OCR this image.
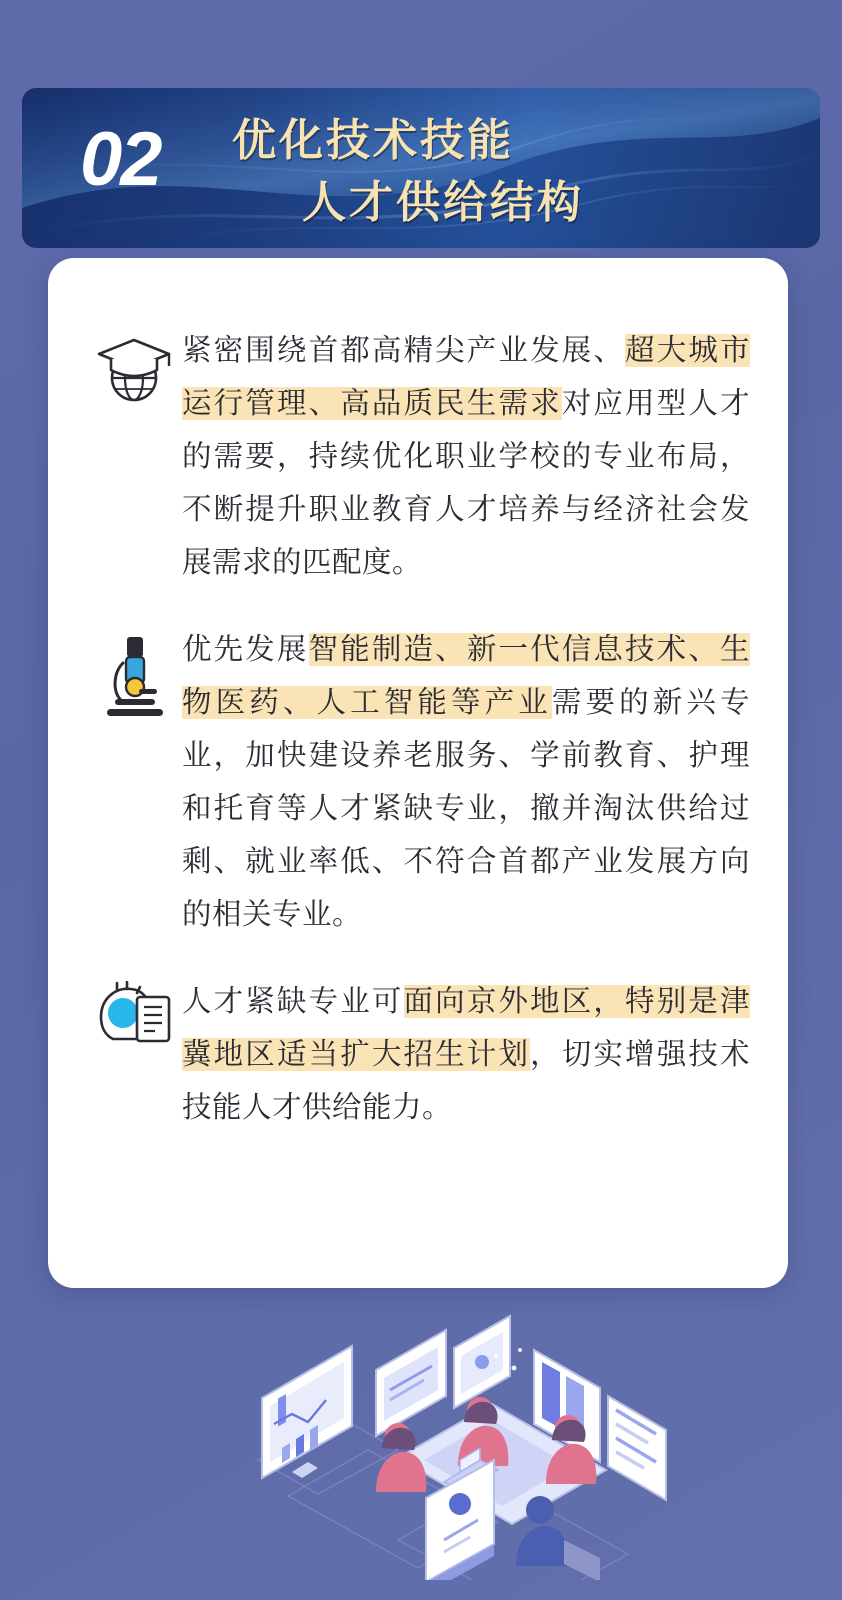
02 优化技术技能
人才供给结构
紧密围绕首都高精尖产业发展、超大城市运行管理、高品质民生需求对应用型人才的需要，持续优化职业学校的专业布局，不断提升职业教育人才培养与经济社会发展需求的匹配度。
优先发展智能制造、新一代信息技术、生物医药、人工智能等产业需要的新兴专业，加快建设养老服务、学前教育、护理和托育等人才紧缺专业，撤并淘汰供给过剩、就业率低、不符合首都产业发展方向的相关专业。
人才紧缺专业可面向京外地区，特别是津冀地区适当扩大招生计划，切实增强技术技能人才供给能力。
